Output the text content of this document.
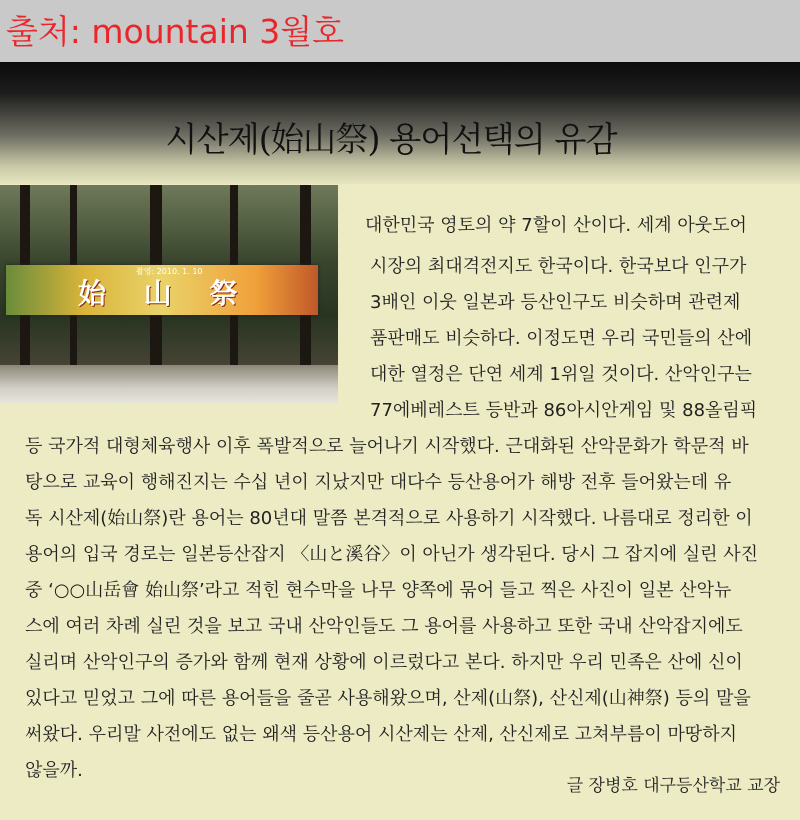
출처: mountain 3월호
시산제(始山祭) 용어선택의 유감
촬영: 2010. 1. 10
始 山 祭
대한민국 영토의 약 7할이 산이다. 세계 아웃도어
시장의 최대격전지도 한국이다. 한국보다 인구가
3배인 이웃 일본과 등산인구도 비슷하며 관련제
품판매도 비슷하다. 이정도면 우리 국민들의 산에
대한 열정은 단연 세계 1위일 것이다. 산악인구는
77에베레스트 등반과 86아시안게임 및 88올림픽
등 국가적 대형체육행사 이후 폭발적으로 늘어나기 시작했다. 근대화된 산악문화가 학문적 바
탕으로 교육이 행해진지는 수십 년이 지났지만 대다수 등산용어가 해방 전후 들어왔는데 유
독 시산제(始山祭)란 용어는 80년대 말쯤 본격적으로 사용하기 시작했다. 나름대로 정리한 이
용어의 입국 경로는 일본등산잡지 〈山と溪谷〉이 아닌가 생각된다. 당시 그 잡지에 실린 사진
중 ‘○○山岳會 始山祭’라고 적힌 현수막을 나무 양쪽에 묶어 들고 찍은 사진이 일본 산악뉴
스에 여러 차례 실린 것을 보고 국내 산악인들도 그 용어를 사용하고 또한 국내 산악잡지에도
실리며 산악인구의 증가와 함께 현재 상황에 이르렀다고 본다. 하지만 우리 민족은 산에 신이
있다고 믿었고 그에 따른 용어들을 줄곧 사용해왔으며, 산제(山祭), 산신제(山神祭) 등의 말을
써왔다. 우리말 사전에도 없는 왜색 등산용어 시산제는 산제, 산신제로 고쳐부름이 마땅하지
않을까.
글 장병호 대구등산학교 교장
